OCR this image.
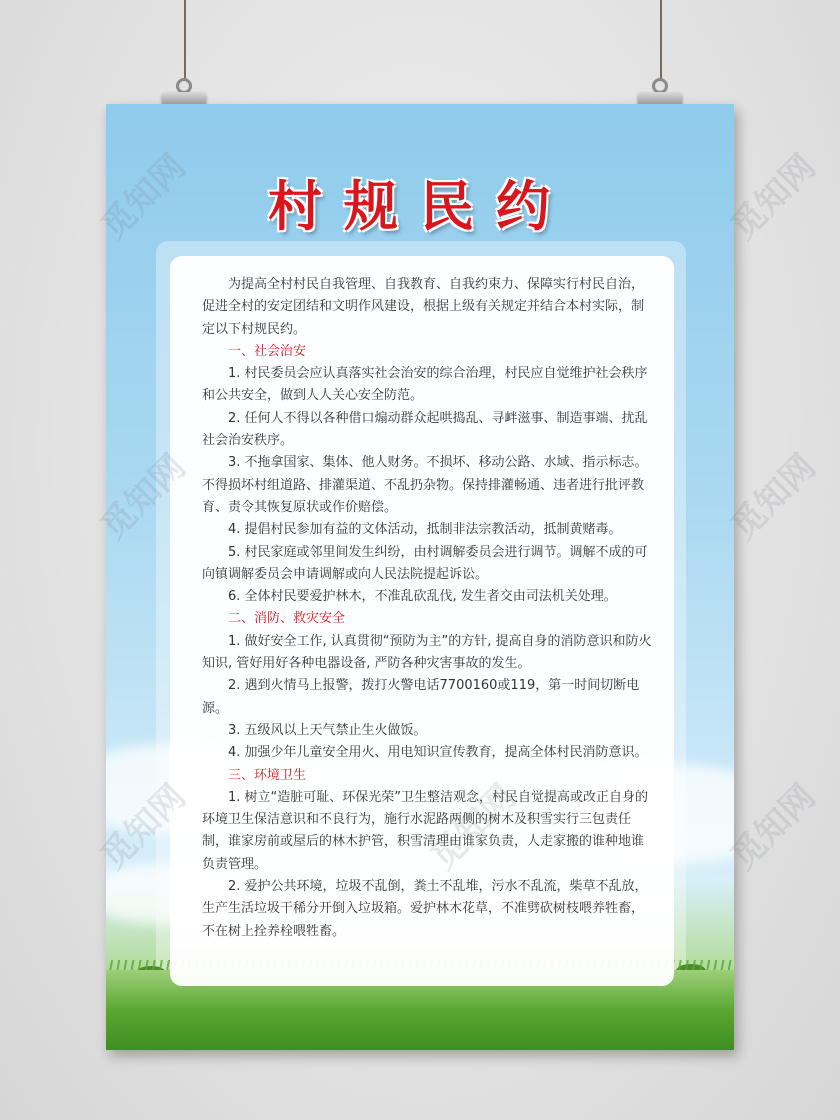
村规民约

为提高全村村民自我管理、自我教育、自我约束力、保障实行村民自治，促进全村的安定团结和文明作风建设，根据上级有关规定并结合本村实际，制定以下村规民约。

一、社会治安

1. 村民委员会应认真落实社会治安的综合治理，村民应自觉维护社会秩序和公共安全，做到人人关心安全防范。

2. 任何人不得以各种借口煽动群众起哄捣乱、寻衅滋事、制造事端、扰乱社会治安秩序。

3. 不拖拿国家、集体、他人财务。不损坏、移动公路、水域、指示标志。不得损坏村组道路、排灌渠道、不乱扔杂物。保持排灌畅通、违者进行批评教育、责令其恢复原状或作价赔偿。

4. 提倡村民参加有益的文体活动，抵制非法宗教活动，抵制黄赌毒。

5. 村民家庭或邻里间发生纠纷，由村调解委员会进行调节。调解不成的可向镇调解委员会申请调解或向人民法院提起诉讼。

6. 全体村民要爱护林木，不准乱砍乱伐, 发生者交由司法机关处理。

二、消防、救灾安全

1. 做好安全工作, 认真贯彻“预防为主”的方针, 提高自身的消防意识和防火知识, 管好用好各种电器设备, 严防各种灾害事故的发生。

2. 遇到火情马上报警，拨打火警电话7700160或119，第一时间切断电源。

3. 五级风以上天气禁止生火做饭。

4. 加强少年儿童安全用火、用电知识宣传教育，提高全体村民消防意识。

三、环境卫生

1. 树立“造脏可耻、环保光荣”卫生整洁观念，村民自觉提高或改正自身的环境卫生保洁意识和不良行为，施行水泥路两侧的树木及积雪实行三包责任制，谁家房前或屋后的林木护管，积雪清理由谁家负责，人走家搬的谁种地谁负责管理。

2. 爱护公共环境，垃圾不乱倒，粪土不乱堆，污水不乱流，柴草不乱放，生产生活垃圾干稀分开倒入垃圾箱。爱护林木花草，不准劈砍树枝喂养牲畜，不在树上拴养栓喂牲畜。
